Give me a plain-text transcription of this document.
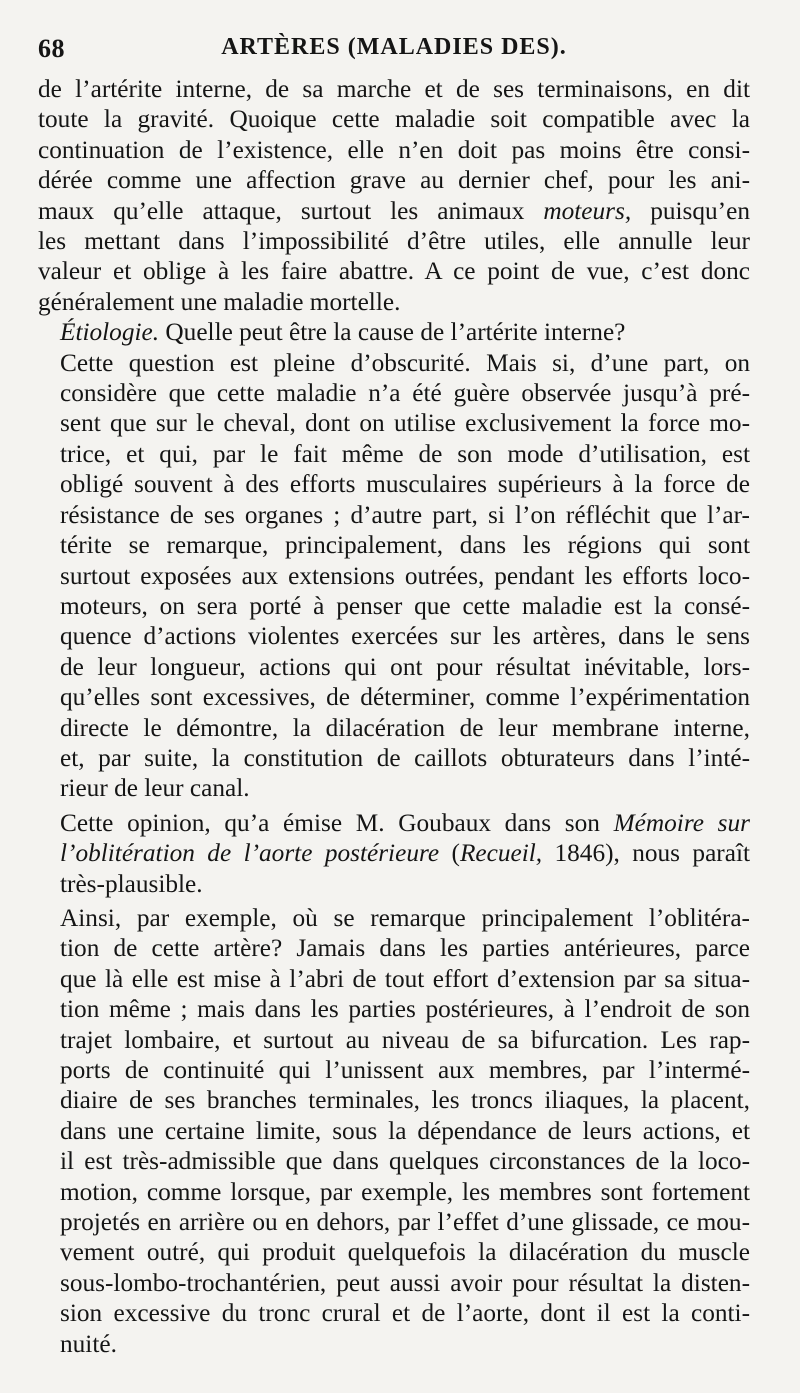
68	ARTÈRES (MALADIES DES).

de l’artérite interne, de sa marche et de ses terminaisons, en dit
toute la gravité. Quoique cette maladie soit compatible avec la
continuation de l’existence, elle n’en doit pas moins être consi-
dérée comme une affection grave au dernier chef, pour les ani-
maux qu’elle attaque, surtout les animaux moteurs, puisqu’en
les mettant dans l’impossibilité d’être utiles, elle annulle leur
valeur et oblige à les faire abattre. A ce point de vue, c’est donc
généralement une maladie mortelle.

Étiologie. Quelle peut être la cause de l’artérite interne?

Cette question est pleine d’obscurité. Mais si, d’une part, on
considère que cette maladie n’a été guère observée jusqu’à pré-
sent que sur le cheval, dont on utilise exclusivement la force mo-
trice, et qui, par le fait même de son mode d’utilisation, est
obligé souvent à des efforts musculaires supérieurs à la force de
résistance de ses organes ; d’autre part, si l’on réfléchit que l’ar-
térite se remarque, principalement, dans les régions qui sont
surtout exposées aux extensions outrées, pendant les efforts loco-
moteurs, on sera porté à penser que cette maladie est la consé-
quence d’actions violentes exercées sur les artères, dans le sens
de leur longueur, actions qui ont pour résultat inévitable, lors-
qu’elles sont excessives, de déterminer, comme l’expérimentation
directe le démontre, la dilacération de leur membrane interne,
et, par suite, la constitution de caillots obturateurs dans l’inté-
rieur de leur canal.

Cette opinion, qu’a émise M. Goubaux dans son Mémoire sur
l’oblitération de l’aorte postérieure (Recueil, 1846), nous paraît
très-plausible.

Ainsi, par exemple, où se remarque principalement l’oblitéra-
tion de cette artère? Jamais dans les parties antérieures, parce
que là elle est mise à l’abri de tout effort d’extension par sa situa-
tion même ; mais dans les parties postérieures, à l’endroit de son
trajet lombaire, et surtout au niveau de sa bifurcation. Les rap-
ports de continuité qui l’unissent aux membres, par l’intermé-
diaire de ses branches terminales, les troncs iliaques, la placent,
dans une certaine limite, sous la dépendance de leurs actions, et
il est très-admissible que dans quelques circonstances de la loco-
motion, comme lorsque, par exemple, les membres sont fortement
projetés en arrière ou en dehors, par l’effet d’une glissade, ce mou-
vement outré, qui produit quelquefois la dilacération du muscle
sous-lombo-trochantérien, peut aussi avoir pour résultat la disten-
sion excessive du tronc crural et de l’aorte, dont il est la conti-
nuité.
